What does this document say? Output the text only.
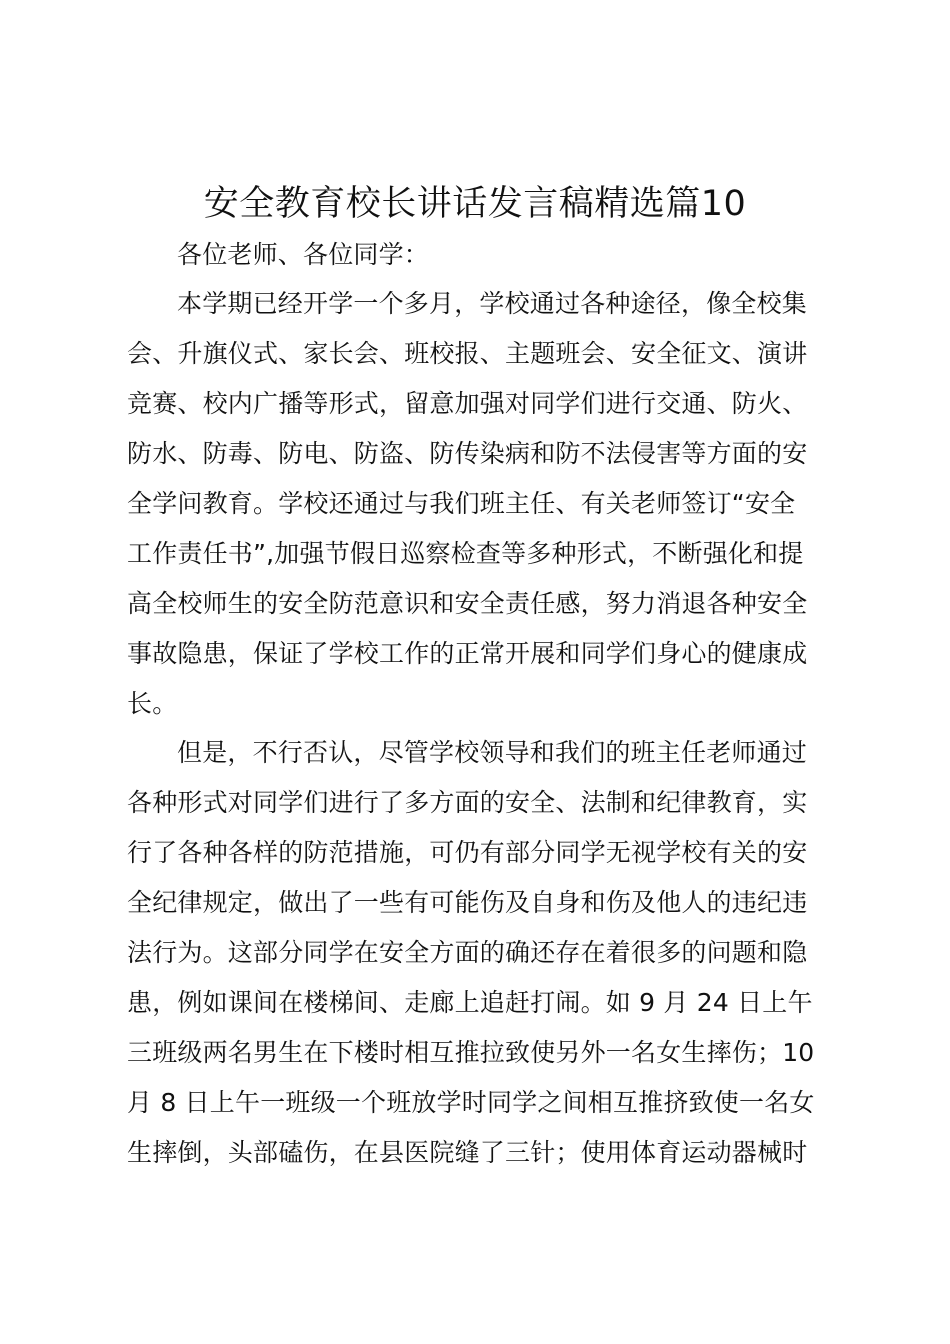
安全教育校长讲话发言稿精选篇10

各位老师、各位同学：

本学期已经开学一个多月，学校通过各种途径，像全校集

会、升旗仪式、家长会、班校报、主题班会、安全征文、演讲

竞赛、校内广播等形式，留意加强对同学们进行交通、防火、

防水、防毒、防电、防盗、防传染病和防不法侵害等方面的安

全学问教育。学校还通过与我们班主任、有关老师签订“安全

工作责任书”,加强节假日巡察检查等多种形式，不断强化和提

高全校师生的安全防范意识和安全责任感，努力消退各种安全

事故隐患，保证了学校工作的正常开展和同学们身心的健康成

长。

但是，不行否认，尽管学校领导和我们的班主任老师通过

各种形式对同学们进行了多方面的安全、法制和纪律教育，实

行了各种各样的防范措施，可仍有部分同学无视学校有关的安

全纪律规定，做出了一些有可能伤及自身和伤及他人的违纪违

法行为。这部分同学在安全方面的确还存在着很多的问题和隐

患，例如课间在楼梯间、走廊上追赶打闹。如 9 月 24 日上午

三班级两名男生在下楼时相互推拉致使另外一名女生摔伤；10

月 8 日上午一班级一个班放学时同学之间相互推挤致使一名女

生摔倒，头部磕伤，在县医院缝了三针；使用体育运动器械时
